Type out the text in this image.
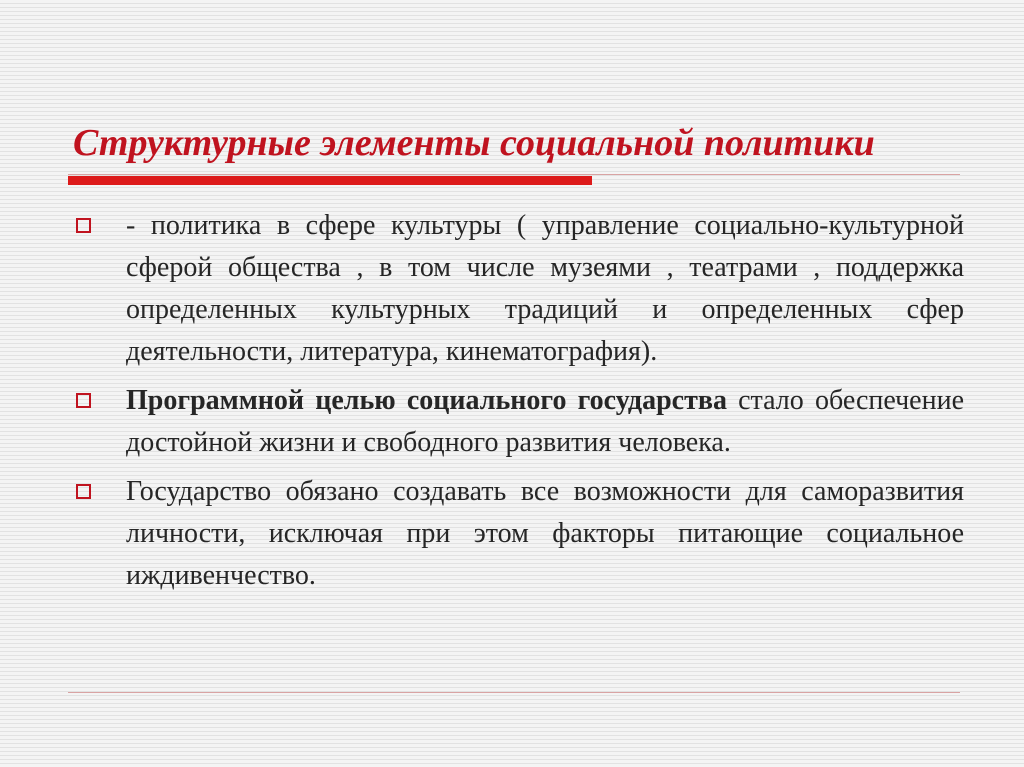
Структурные элементы социальной политики
- политика в сфере культуры ( управление социально-культурной сферой общества , в том числе музеями , театрами , поддержка определенных культурных традиций и определенных сфер деятельности, литература, кинематография).
Программной целью социального государства стало обеспечение достойной жизни и свободного развития человека.
Государство обязано создавать все возможности для саморазвития личности, исключая при этом факторы питающие социальное иждивенчество.
